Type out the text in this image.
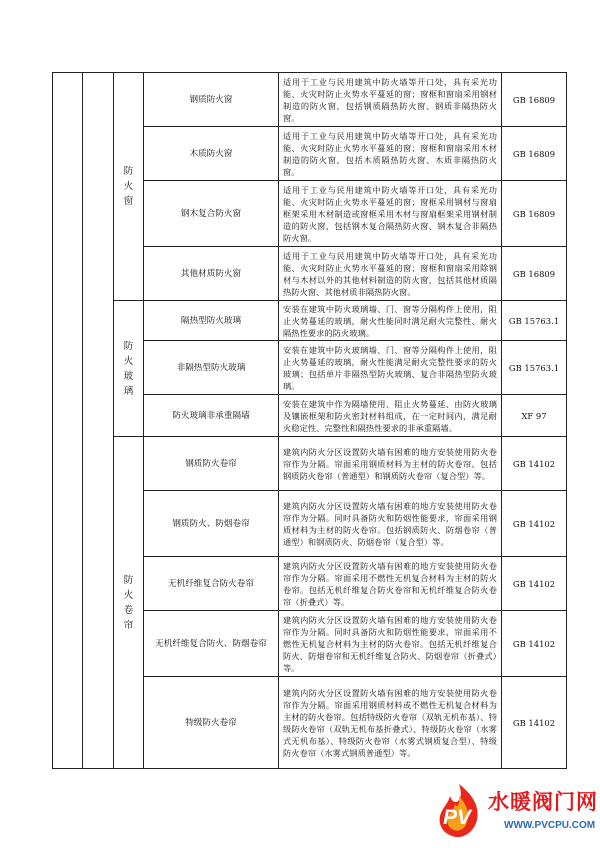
		防火窗	钢质防火窗	适用于工业与民用建筑中防火墙等开口处，具有采光功能、火灾时防止火势水平蔓延的窗；窗框和窗扇采用钢材制造的防火窗，包括钢质隔热防火窗、钢质非隔热防火窗。	GB 16809
			木质防火窗	适用于工业与民用建筑中防火墙等开口处，具有采光功能、火灾时防止火势水平蔓延的窗；窗框和窗扇采用木材制造的防火窗，包括木质隔热防火窗、木质非隔热防火窗。	GB 16809
			钢木复合防火窗	适用于工业与民用建筑中防火墙等开口处，具有采光功能、火灾时防止火势水平蔓延的窗；窗框采用钢材与窗扇框架采用木材制造或窗框采用木材与窗扇框架采用钢材制造的防火窗，包括钢木复合隔热防火窗、钢木复合非隔热防火窗。	GB 16809
			其他材质防火窗	适用于工业与民用建筑中防火墙等开口处，具有采光功能、火灾时防止火势水平蔓延的窗；窗框和窗扇采用除钢材与木材以外的其他材料制造的防火窗，包括其他材质隔热防火窗、其他材质非隔热防火窗。	GB 16809
		防火玻璃	隔热型防火玻璃	安装在建筑中防火玻璃墙、门、窗等分隔构件上使用，阻止火势蔓延的玻璃，耐火性能同时满足耐火完整性、耐火隔热性要求的防火玻璃。	GB 15763.1
			非隔热型防火玻璃	安装在建筑中防火玻璃墙、门、窗等分隔构件上使用，阻止火势蔓延的玻璃，耐火性能满足耐火完整性要求的防火玻璃；包括单片非隔热型防火玻璃、复合非隔热型防火玻璃。	GB 15763.1
			防火玻璃非承重隔墙	安装在建筑中作为隔墙使用、阻止火势蔓延、由防火玻璃及镶嵌框架和防火密封材料组成，在一定时间内，满足耐火稳定性、完整性和隔热性要求的非承重隔墙。	XF 97
		防火卷帘	钢质防火卷帘	建筑内防火分区设置防火墙有困难的地方安装使用防火卷帘作为分隔。帘面采用钢质材料为主材的防火卷帘。包括钢质防火卷帘（普通型）和钢质防火卷帘（复合型）等。	GB 14102
			钢质防火、防烟卷帘	建筑内防火分区设置防火墙有困难的地方安装使用防火卷帘作为分隔。同时具备防火和防烟性能要求，帘面采用钢质材料为主材的防火卷帘。包括钢质防火、防烟卷帘（普通型）和钢质防火、防烟卷帘（复合型）等。	GB 14102
			无机纤维复合防火卷帘	建筑内防火分区设置防火墙有困难的地方安装使用防火卷帘作为分隔。帘面采用不燃性无机复合材料为主材的防火卷帘。包括无机纤维复合防火卷帘和无机纤维复合防火卷帘（折叠式）等。	GB 14102
			无机纤维复合防火、防烟卷帘	建筑内防火分区设置防火墙有困难的地方安装使用防火卷帘作为分隔。同时具备防火和防烟性能要求，帘面采用不燃性无机复合材料为主材的防火卷帘。包括无机纤维复合防火、防烟卷帘和无机纤维复合防火、防烟卷帘（折叠式）等。	GB 14102
			特级防火卷帘	建筑内防火分区设置防火墙有困难的地方安装使用防火卷帘作为分隔。帘面采用钢质材料或不燃性无机复合材料为主材的防火卷帘。包括特级防火卷帘（双轨无机布基）、特级防火卷帘（双轨无机布基折叠式）、特级防火卷帘（水雾式无机布基）、特级防火卷帘（水雾式钢质复合型）、特级防火卷帘（水雾式钢质普通型）等。	GB 14102
PV
水暖阀门网
WWW.PVCPU.COM
